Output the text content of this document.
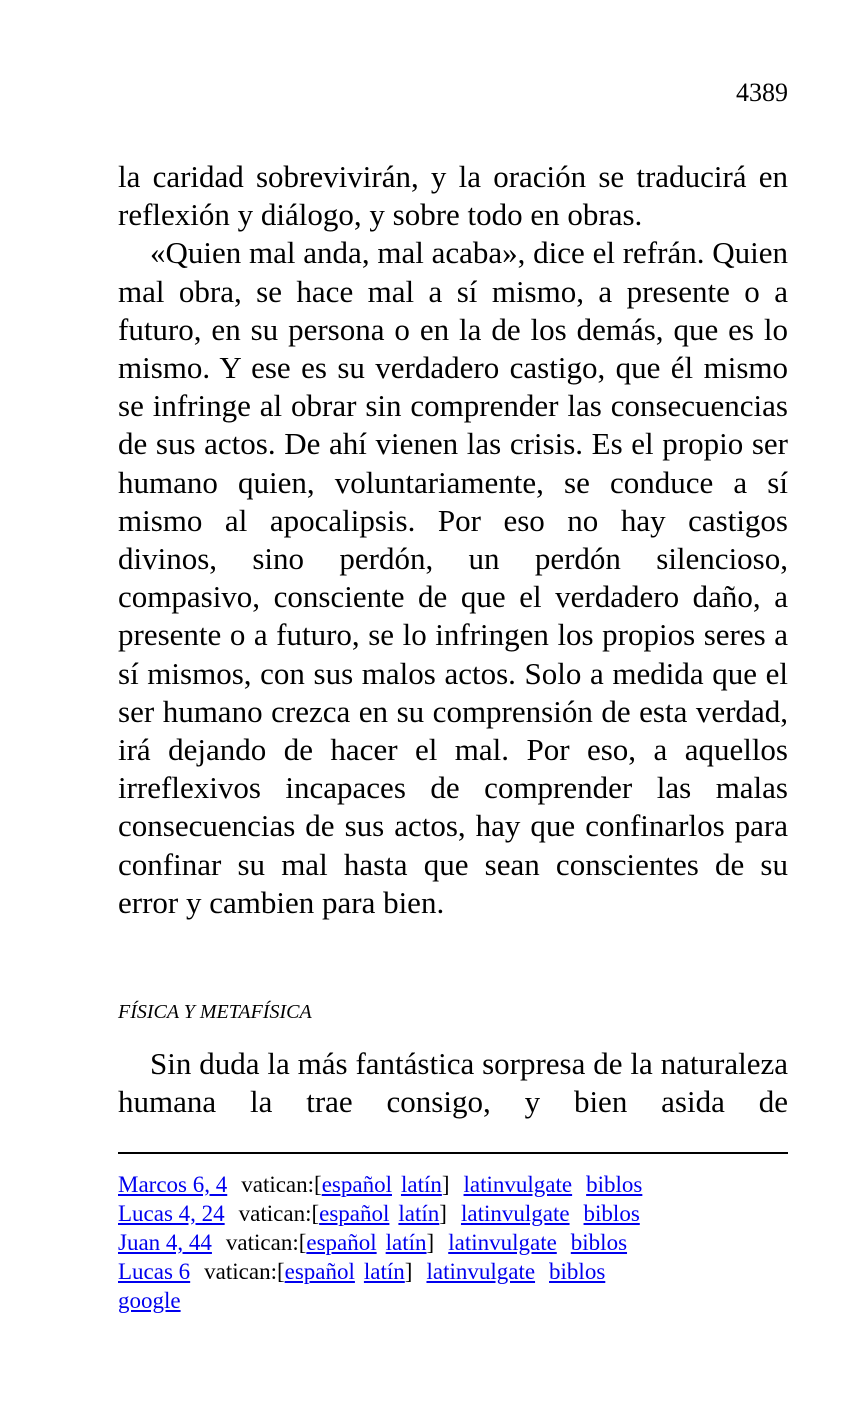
4389

la caridad sobrevivirán, y la oración se traducirá en reflexión y diálogo, y sobre todo en obras.

«Quien mal anda, mal acaba», dice el refrán. Quien mal obra, se hace mal a sí mismo, a presente o a futuro, en su persona o en la de los demás, que es lo mismo. Y ese es su verdadero castigo, que él mismo se infringe al obrar sin comprender las consecuencias de sus actos. De ahí vienen las crisis. Es el propio ser humano quien, voluntariamente, se conduce a sí mismo al apocalipsis. Por eso no hay castigos divinos, sino perdón, un perdón silencioso, compasivo, consciente de que el verdadero daño, a presente o a futuro, se lo infringen los propios seres a sí mismos, con sus malos actos. Solo a medida que el ser humano crezca en su comprensión de esta verdad, irá dejando de hacer el mal. Por eso, a aquellos irreflexivos incapaces de comprender las malas consecuencias de sus actos, hay que confinarlos para confinar su mal hasta que sean conscientes de su error y cambien para bien.

FÍSICA Y METAFÍSICA

Sin duda la más fantástica sorpresa de la naturaleza humana la trae consigo, y bien asida de

Marcos 6, 4 vatican:[español latín] latinvulgate biblos
Lucas 4, 24 vatican:[español latín] latinvulgate biblos
Juan 4, 44 vatican:[español latín] latinvulgate biblos
Lucas 6 vatican:[español latín] latinvulgate biblos
google
